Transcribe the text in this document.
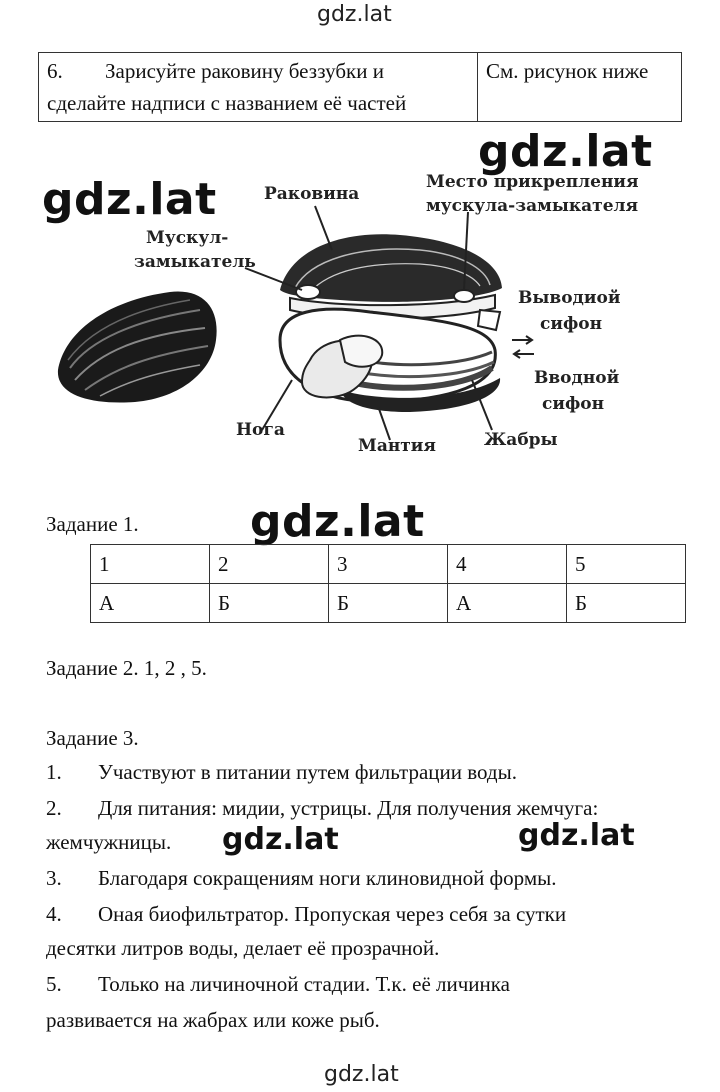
gdz.lat
6. Зарисуйте раковину беззубки и
сделайте надписи с названием её частей
	См. рисунок ниже
Раковина
Место прикрепления
мускула-замыкателя
Мускул-
замыкатель
Выводиой
сифон
Вводной
сифон
Нога
Мантия	Жабры
gdz.lat
gdz.lat
Задание 1.	gdz.lat
1	2	3	4	5
А	Б	Б	А	Б
Задание 2. 1, 2 , 5.
Задание 3.
1. Участвуют в питании путем фильтрации воды.
2. Для питания: мидии, устрицы. Для получения жемчуга:
жемчужницы. gdz.lat	gdz.lat
3. Благодаря сокращениям ноги клиновидной формы.
4. Оная биофильтратор. Пропуская через себя за сутки
десятки литров воды, делает её прозрачной.
5. Только на личиночной стадии. Т.к. её личинка
развивается на жабрах или коже рыб.
gdz.lat
